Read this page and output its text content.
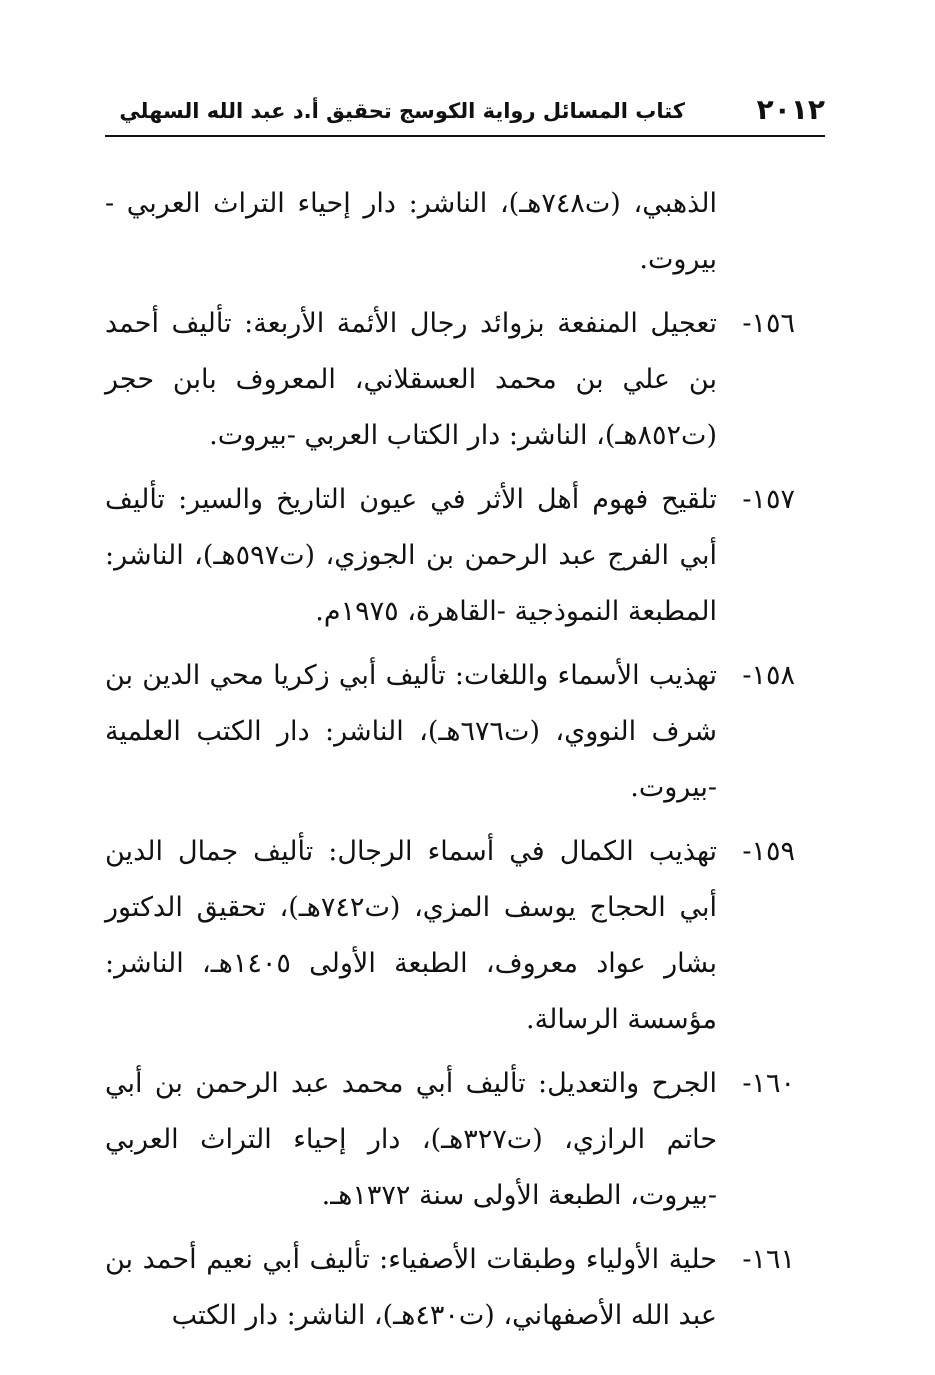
٢٠١٢
كتاب المسائل رواية الكوسج تحقيق أ.د عبد الله السهلي
الذهبي، (ت٧٤٨هـ)، الناشر: دار إحياء التراث العربي - بيروت.
١٥٦-
تعجيل المنفعة بزوائد رجال الأئمة الأربعة: تأليف أحمد بن علي بن محمد العسقلاني، المعروف بابن حجر (ت٨٥٢هـ)، الناشر: دار الكتاب العربي -بيروت.
١٥٧-
تلقيح فهوم أهل الأثر في عيون التاريخ والسير: تأليف أبي الفرج عبد الرحمن بن الجوزي، (ت٥٩٧هـ)، الناشر: المطبعة النموذجية -القاهرة، ١٩٧٥م.
١٥٨-
تهذيب الأسماء واللغات: تأليف أبي زكريا محي الدين بن شرف النووي، (ت٦٧٦هـ)، الناشر: دار الكتب العلمية -بيروت.
١٥٩-
تهذيب الكمال في أسماء الرجال: تأليف جمال الدين أبي الحجاج يوسف المزي، (ت٧٤٢هـ)، تحقيق الدكتور بشار عواد معروف، الطبعة الأولى ١٤٠٥هـ، الناشر: مؤسسة الرسالة.
١٦٠-
الجرح والتعديل: تأليف أبي محمد عبد الرحمن بن أبي حاتم الرازي، (ت٣٢٧هـ)، دار إحياء التراث العربي -بيروت، الطبعة الأولى سنة ١٣٧٢هـ.
١٦١-
حلية الأولياء وطبقات الأصفياء: تأليف أبي نعيم أحمد بن عبد الله الأصفهاني، (ت٤٣٠هـ)، الناشر: دار الكتب
